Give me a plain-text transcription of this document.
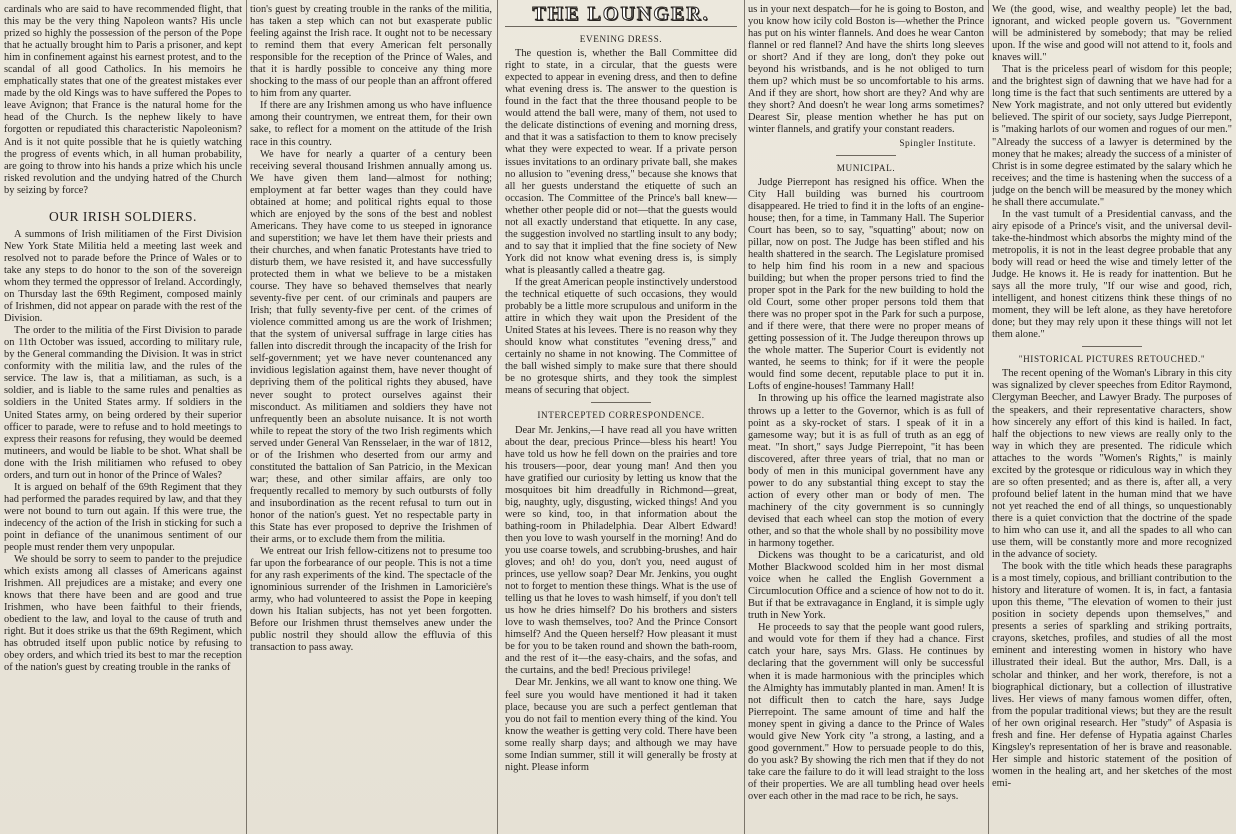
cardinals who are said to have recommended flight, that this may be the very thing Napoleon wants? His uncle prized so highly the possession of the person of the Pope that he actually brought him to Paris a prisoner, and kept him in confinement against his earnest protest, and to the scandal of all good Catholics. In his memoirs he emphatically states that one of the greatest mistakes ever made by the old Kings was to have suffered the Popes to leave Avignon; that France is the natural home for the head of the Church. Is the nephew likely to have forgotten or repudiated this characteristic Napoleonism? And is it not quite possible that he is quietly watching the progress of events which, in all human probability, are going to throw into his hands a prize which his uncle risked revolution and the undying hatred of the Church by seizing by force?

OUR IRISH SOLDIERS.

A summons of Irish militiamen of the First Division New York State Militia held a meeting last week and resolved not to parade before the Prince of Wales or to take any steps to do honor to the son of the sovereign whom they termed the oppressor of Ireland. Accordingly, on Thursday last the 69th Regiment, composed mainly of Irishmen, did not appear on parade with the rest of the Division.

The order to the militia of the First Division to parade on 11th October was issued, according to military rule, by the General commanding the Division. It was in strict conformity with the militia law, and the rules of the service. The law is, that a militiaman, as such, is a soldier, and is liable to the same rules and penalties as soldiers in the United States army. If soldiers in the United States army, on being ordered by their superior officer to parade, were to refuse and to hold meetings to express their reasons for refusing, they would be deemed mutineers, and would be liable to be shot. What shall be done with the Irish militiamen who refused to obey orders, and turn out in honor of the Prince of Wales?

It is argued on behalf of the 69th Regiment that they had performed the parades required by law, and that they were not bound to turn out again. If this were true, the indecency of the action of the Irish in sticking for such a point in defiance of the unanimous sentiment of our people must render them very unpopular.

We should be sorry to seem to pander to the prejudice which exists among all classes of Americans against Irishmen. All prejudices are a mistake; and every one knows that there have been and are good and true Irishmen, who have been faithful to their friends, obedient to the law, and loyal to the cause of truth and right. But it does strike us that the 69th Regiment, which has obtruded itself upon public notice by refusing to obey orders, and which tried its best to mar the reception of the nation's guest by creating trouble in the ranks of

tion's guest by creating trouble in the ranks of the militia, has taken a step which can not but exasperate public feeling against the Irish race. It ought not to be necessary to remind them that every American felt personally responsible for the reception of the Prince of Wales, and that it is hardly possible to conceive any thing more shocking to the mass of our people than an affront offered to him from any quarter.

If there are any Irishmen among us who have influence among their countrymen, we entreat them, for their own sake, to reflect for a moment on the attitude of the Irish race in this country.

We have for nearly a quarter of a century been receiving several thousand Irishmen annually among us. We have given them land—almost for nothing; employment at far better wages than they could have obtained at home; and political rights equal to those which are enjoyed by the sons of the best and noblest Americans. They have come to us steeped in ignorance and superstition; we have let them have their priests and their churches, and when fanatic Protestants have tried to disturb them, we have resisted it, and have successfully protected them in what we believe to be a mistaken course. They have so behaved themselves that nearly seventy-five per cent. of our criminals and paupers are Irish; that fully seventy-five per cent. of the crimes of violence committed among us are the work of Irishmen; that the system of universal suffrage in large cities has fallen into discredit through the incapacity of the Irish for self-government; yet we have never countenanced any invidious legislation against them, have never thought of depriving them of the political rights they abused, have never sought to protect ourselves against their misconduct. As militiamen and soldiers they have not unfrequently been an absolute nuisance. It is not worth while to repeat the story of the two Irish regiments which served under General Van Rensselaer, in the war of 1812, or of the Irishmen who deserted from our army and constituted the battalion of San Patricio, in the Mexican war; these, and other similar affairs, are only too frequently recalled to memory by such outbursts of folly and insubordination as the recent refusal to turn out in honor of the nation's guest. Yet no respectable party in this State has ever proposed to deprive the Irishmen of their arms, or to exclude them from the militia.

We entreat our Irish fellow-citizens not to presume too far upon the forbearance of our people. This is not a time for any rash experiments of the kind. The spectacle of the ignominious surrender of the Irishmen in Lamoricière's army, who had volunteered to assist the Pope in keeping down his Italian subjects, has not yet been forgotten. Before our Irishmen thrust themselves anew under the public nostril they should allow the effluvia of this transaction to pass away.

THE LOUNGER.
EVENING DRESS.

The question is, whether the Ball Committee did right to state, in a circular, that the guests were expected to appear in evening dress, and then to define what evening dress is. The answer to the question is found in the fact that the three thousand people to be would attend the ball were, many of them, not used to the delicate distinctions of evening and morning dress, and that it was a satisfaction to them to know precisely what they were expected to wear. If a private person issues invitations to an ordinary private ball, she makes no allusion to "evening dress," because she knows that all her guests understand the etiquette of such an occasion. The Committee of the Prince's ball knew—whether other people did or not—that the guests would not all exactly understand that etiquette. In any case, the suggestion involved no startling insult to any body; and to say that it implied that the fine society of New York did not know what evening dress is, is simply what is pleasantly called a theatre gag.

If the great American people instinctively understood the technical etiquette of such occasions, they would probably be a little more scrupulous and uniform in the attire in which they wait upon the President of the United States at his levees. There is no reason why they should know what constitutes "evening dress," and certainly no shame in not knowing. The Committee of the ball wished simply to make sure that there should be no grotesque shirts, and they took the simplest means of securing that object.

INTERCEPTED CORRESPONDENCE.

Dear Mr. Jenkins,—I have read all you have written about the dear, precious Prince—bless his heart! You have told us how he fell down on the prairies and tore his trousers—poor, dear young man! And then you have gratified our curiosity by letting us know that the mosquitoes bit him dreadfully in Richmond—great, big, naughty, ugly, disgusting, wicked things! And you were so kind, too, in that information about the bathing-room in Philadelphia. Dear Albert Edward! then you love to wash yourself in the morning! And do you use coarse towels, and scrubbing-brushes, and hair gloves; and oh! do you, don't you, need august of princes, use yellow soap? Dear Mr. Jenkins, you ought not to forget to mention these things. What is the use of telling us that he loves to wash himself, if you don't tell us how he dries himself? Do his brothers and sisters love to wash themselves, too? And the Prince Consort himself? And the Queen herself? How pleasant it must be for you to be taken round and shown the bath-room, and the rest of it—the easy-chairs, and the sofas, and the curtains, and the bed! Precious privilege!

Dear Mr. Jenkins, we all want to know one thing. We feel sure you would have mentioned it had it taken place, because you are such a perfect gentleman that you do not fail to mention every thing of the kind. You know the weather is getting very cold. There have been some really sharp days; and although we may have some Indian summer, still it will generally be frosty at night. Please inform

us in your next despatch—for he is going to Boston, and you know how icily cold Boston is—whether the Prince has put on his winter flannels. And does he wear Canton flannel or red flannel? And have the shirts long sleeves or short? And if they are long, don't they poke out beyond his wristbands, and is he not obliged to turn them up? which must be so uncomfortable to his arms. And if they are short, how short are they? And why are they short? And doesn't he wear long arms sometimes? Dearest Sir, please mention whether he has put on winter flannels, and gratify your constant readers.

Spingler Institute.
MUNICIPAL.

Judge Pierrepont has resigned his office. When the City Hall building was burned his courtroom disappeared. He tried to find it in the lofts of an engine-house; then, for a time, in Tammany Hall. The Superior Court has been, so to say, "squatting" about; now on pillar, now on post. The Judge has been stifled and his health shattered in the search. The Legislature promised to help him find his room in a new and spacious building; but when the proper persons tried to find the proper spot in the Park for the new building to hold the old Court, some other proper persons told them that there was no proper spot in the Park for such a purpose, and if there were, that there were no proper means of getting possession of it. The Judge thereupon throws up the whole matter. The Superior Court is evidently not wanted, he seems to think; for if it were the people would find some decent, reputable place to put it in. Lofts of engine-houses! Tammany Hall!

In throwing up his office the learned magistrate also throws up a letter to the Governor, which is as full of point as a sky-rocket of stars. I speak of it in a gamesome way; but it is as full of truth as an egg of meat. "In short," says Judge Pierrepoint, "it has been discovered, after three years of trial, that no man or body of men in this municipal government have any power to do any substantial thing except to stay the action of every other man or body of men. The machinery of the city government is so cunningly devised that each wheel can stop the motion of every other, and so that the whole shall by no possibility move in harmony together.

Dickens was thought to be a caricaturist, and old Mother Blackwood scolded him in her most dismal voice when he called the English Government a Circumlocution Office and a science of how not to do it. But if that be extravagance in England, it is simple ugly truth in New York.

He proceeds to say that the people want good rulers, and would vote for them if they had a chance. First catch your hare, says Mrs. Glass. He continues by declaring that the government will only be successful when it is made harmonious with the principles which the Almighty has immutably planted in man. Amen! It is not difficult then to catch the hare, says Judge Pierrepoint. The same amount of time and half the money spent in giving a dance to the Prince of Wales would give New York city "a strong, a lasting, and a good government." How to persuade people to do this, do you ask? By showing the rich men that if they do not take care the failure to do it will lead straight to the loss of their properties. We are all tumbling head over heels over each other in the mad race to be rich, he says.

We (the good, wise, and wealthy people) let the bad, ignorant, and wicked people govern us. "Government will be administered by somebody; that may be relied upon. If the wise and good will not attend to it, fools and knaves will."

That is the priceless pearl of wisdom for this people; and the brightest sign of dawning that we have had for a long time is the fact that such sentiments are uttered by a New York magistrate, and not only uttered but evidently believed. The spirit of our society, says Judge Pierrepont, is "making harlots of our women and rogues of our men." "Already the success of a lawyer is determined by the money that he makes; already the success of a minister of Christ is in some degree estimated by the salary which he receives; and the time is hastening when the success of a judge on the bench will be measured by the money which he shall there accumulate."

In the vast tumult of a Presidential canvass, and the airy episode of a Prince's visit, and the universal devil-take-the-hindmost which absorbs the mighty mind of the metropolis, it is not in the least degree probable that any body will read or heed the wise and timely letter of the Judge. He knows it. He is ready for inattention. But he says all the more truly, "If our wise and good, rich, intelligent, and honest citizens think these things of no moment, they will be left alone, as they have heretofore done; but they may rely upon it these things will not let them alone."

"HISTORICAL PICTURES RETOUCHED."

The recent opening of the Woman's Library in this city was signalized by clever speeches from Editor Raymond, Clergyman Beecher, and Lawyer Brady. The purposes of the speakers, and their representative characters, show how sincerely any effort of this kind is hailed. In fact, half the objections to new views are really only to the way in which they are presented. The ridicule which attaches to the words "Women's Rights," is mainly excited by the grotesque or ridiculous way in which they are so often presented; and as there is, after all, a very profound belief latent in the human mind that we have not yet reached the end of all things, so unquestionably there is a quiet conviction that the doctrine of the spade to him who can use it, and all the spades to all who can use them, will be constantly more and more recognized in the advance of society.

The book with the title which heads these paragraphs is a most timely, copious, and brilliant contribution to the history and literature of women. It is, in fact, a fantasia upon this theme, "The elevation of women to their just position in society depends upon themselves," and presents a series of sparkling and striking portraits, crayons, sketches, profiles, and studies of all the most eminent and interesting women in history who have illustrated their ideal. But the author, Mrs. Dall, is a scholar and thinker, and her work, therefore, is not a biographical dictionary, but a collection of illustrative lives. Her views of many famous women differ, often, from the popular traditional views; but they are the result of her own original research. Her "study" of Aspasia is fresh and fine. Her defense of Hypatia against Charles Kingsley's representation of her is brave and reasonable. Her simple and historic statement of the position of women in the healing art, and her sketches of the most emi-
